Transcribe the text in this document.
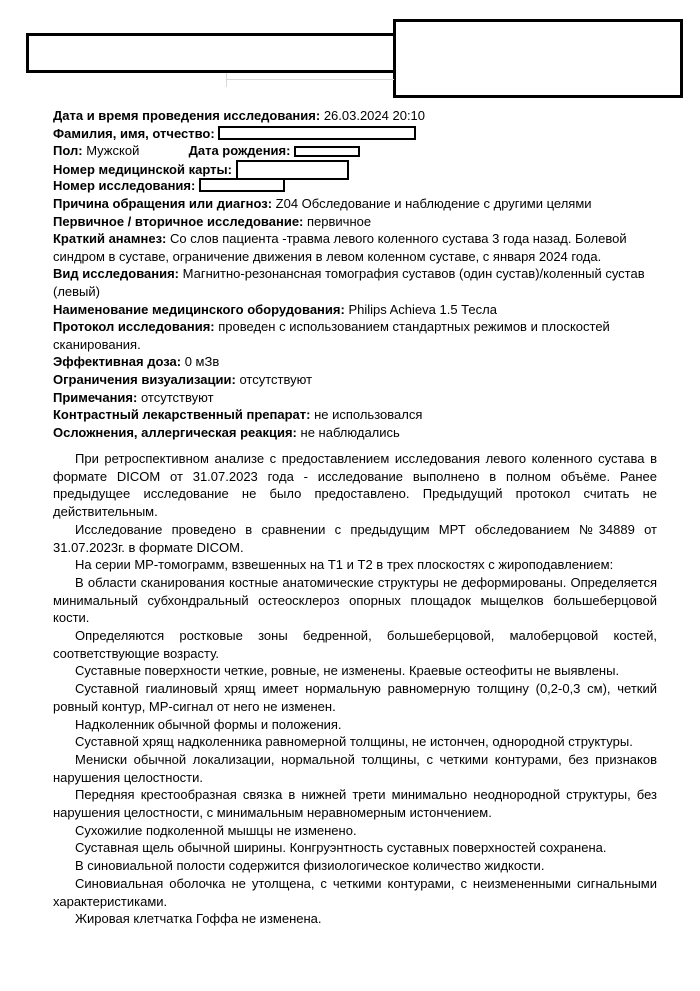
Дата и время проведения исследования: 26.03.2024 20:10
Фамилия, имя, отчество:
Пол: Мужской	Дата рождения:
Номер медицинской карты:
Номер исследования:
Причина обращения или диагноз: Z04 Обследование и наблюдение с другими целями
Первичное / вторичное исследование: первичное
Краткий анамнез: Со слов пациента -травма левого коленного сустава 3 года назад. Болевой синдром в суставе, ограничение движения в левом коленном суставе, с января 2024 года.
Вид исследования: Магнитно-резонансная томография суставов (один сустав)/коленный сустав (левый)
Наименование медицинского оборудования: Philips Achieva 1.5 Тесла
Протокол исследования: проведен с использованием стандартных режимов и плоскостей сканирования.
Эффективная доза: 0 мЗв
Ограничения визуализации: отсутствуют
Примечания: отсутствуют
Контрастный лекарственный препарат: не использовался
Осложнения, аллергическая реакция: не наблюдались

При ретроспективном анализе с предоставлением исследования левого коленного сустава в формате DICOM от 31.07.2023 года - исследование выполнено в полном объёме. Ранее предыдущее исследование не было предоставлено. Предыдущий протокол считать не действительным.

Исследование проведено в сравнении с предыдущим МРТ обследованием №34889 от 31.07.2023г. в формате DICOM.

На серии МР-томограмм, взвешенных на Т1 и Т2 в трех плоскостях с жироподавлением:

В области сканирования костные анатомические структуры не деформированы. Определяется минимальный субхондральный остеосклероз опорных площадок мыщелков большеберцовой кости.

Определяются ростковые зоны бедренной, большеберцовой, малоберцовой костей, соответствующие возрасту.

Суставные поверхности четкие, ровные, не изменены. Краевые остеофиты не выявлены.

Суставной гиалиновый хрящ имеет нормальную равномерную толщину (0,2-0,3 см), четкий ровный контур, МР-сигнал от него не изменен.

Надколенник обычной формы и положения.

Суставной хрящ надколенника равномерной толщины, не истончен, однородной структуры.

Мениски обычной локализации, нормальной толщины, с четкими контурами, без признаков нарушения целостности.

Передняя крестообразная связка в нижней трети минимально неоднородной структуры, без нарушения целостности, с минимальным неравномерным истончением.

Сухожилие подколенной мышцы не изменено.

Суставная щель обычной ширины. Конгруэнтность суставных поверхностей сохранена.

В синовиальной полости содержится физиологическое количество жидкости.

Синовиальная оболочка не утолщена, с четкими контурами, с неизмененными сигнальными характеристиками.

Жировая клетчатка Гоффа не изменена.
